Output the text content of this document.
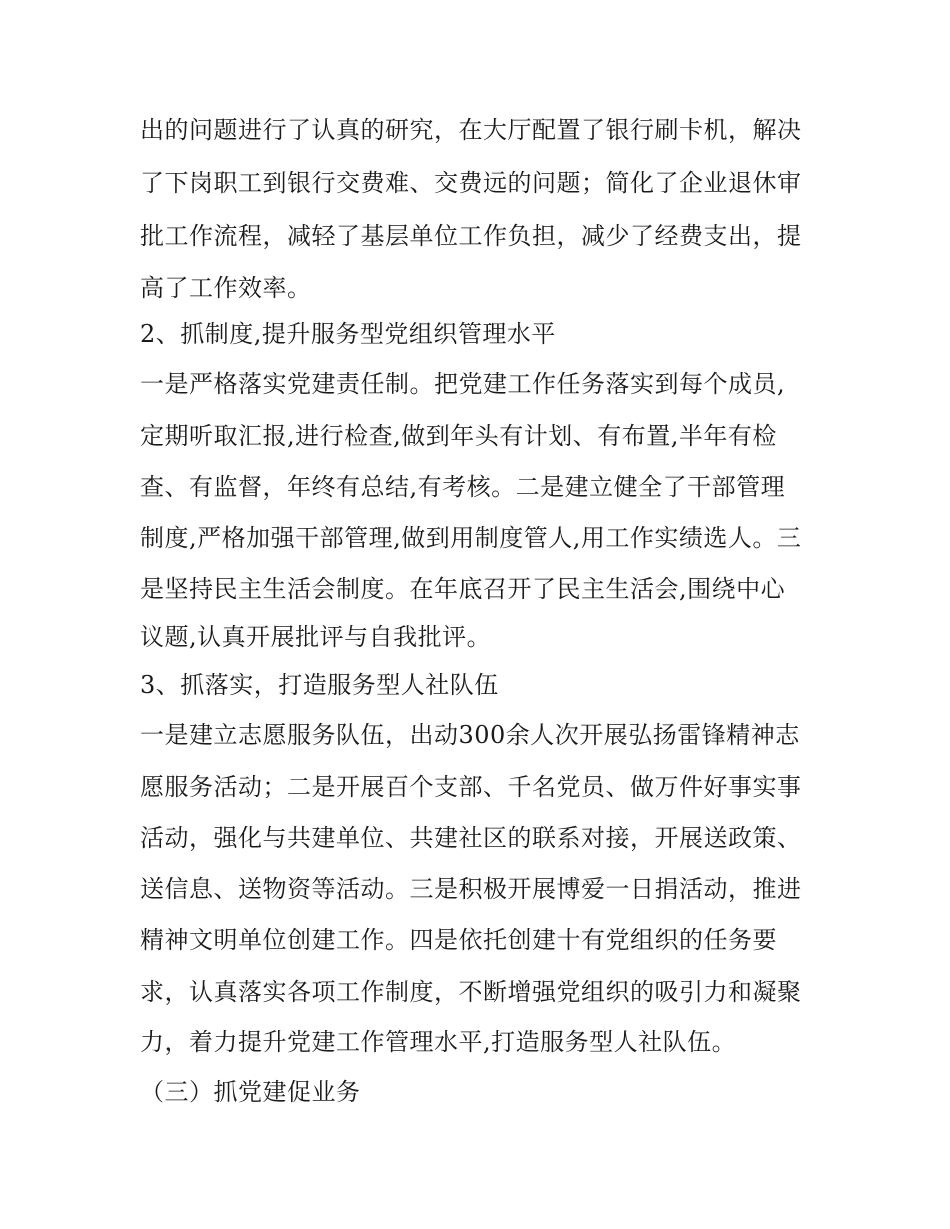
出的问题进行了认真的研究，在大厅配置了银行刷卡机，解决
了下岗职工到银行交费难、交费远的问题；简化了企业退休审
批工作流程，减轻了基层单位工作负担，减少了经费支出，提
高了工作效率。
2、抓制度,提升服务型党组织管理水平
一是严格落实党建责任制。把党建工作任务落实到每个成员,
定期听取汇报,进行检查,做到年头有计划、有布置,半年有检
查、有监督，年终有总结,有考核。二是建立健全了干部管理
制度,严格加强干部管理,做到用制度管人,用工作实绩选人。三
是坚持民主生活会制度。在年底召开了民主生活会,围绕中心
议题,认真开展批评与自我批评。
3、抓落实，打造服务型人社队伍
一是建立志愿服务队伍，出动300余人次开展弘扬雷锋精神志
愿服务活动；二是开展百个支部、千名党员、做万件好事实事
活动，强化与共建单位、共建社区的联系对接，开展送政策、
送信息、送物资等活动。三是积极开展博爱一日捐活动，推进
精神文明单位创建工作。四是依托创建十有党组织的任务要
求，认真落实各项工作制度，不断增强党组织的吸引力和凝聚
力，着力提升党建工作管理水平,打造服务型人社队伍。
（三）抓党建促业务
